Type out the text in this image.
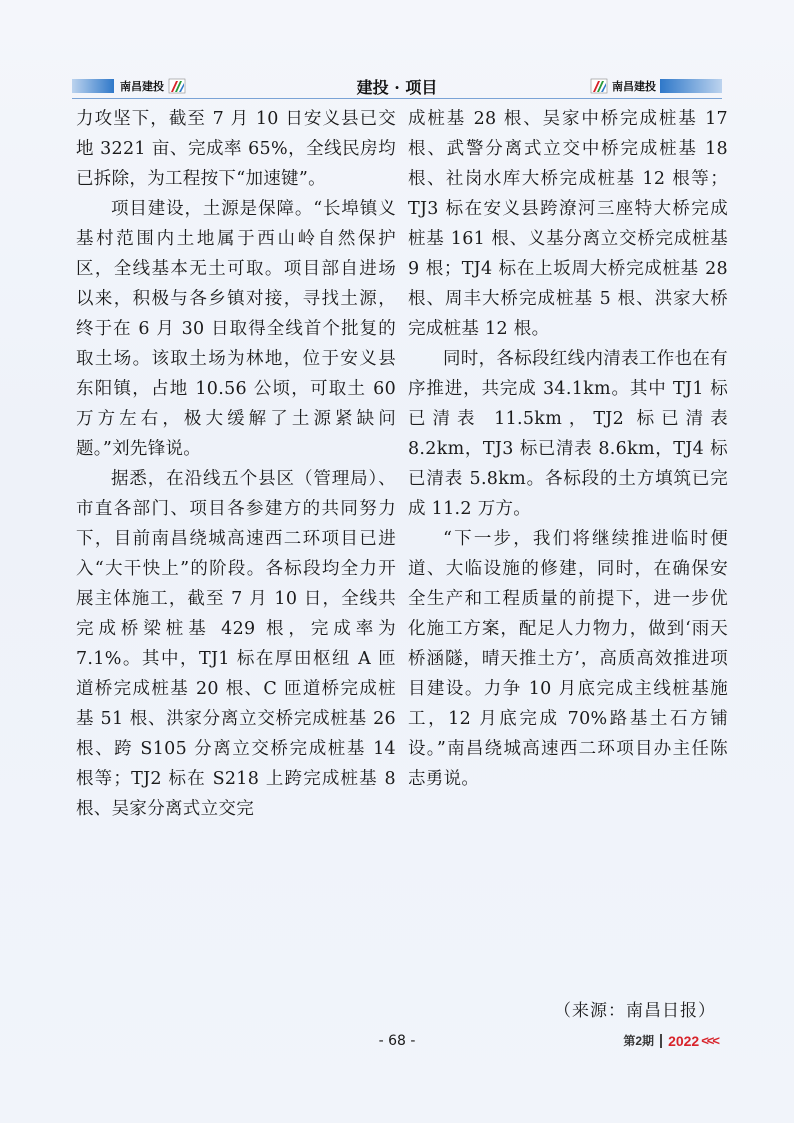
南昌建投	建投 · 项目	南昌建投

力攻坚下，截至 7 月 10 日安义县已交地 3221 亩、完成率 65%，全线民房均已拆除，为工程按下“加速键”。

项目建设，土源是保障。“长埠镇义基村范围内土地属于西山岭自然保护区，全线基本无土可取。项目部自进场以来，积极与各乡镇对接，寻找土源，终于在 6 月 30 日取得全线首个批复的取土场。该取土场为林地，位于安义县东阳镇，占地 10.56 公顷，可取土 60 万方左右，极大缓解了土源紧缺问题。”刘先锋说。

据悉，在沿线五个县区（管理局）、市直各部门、项目各参建方的共同努力下，目前南昌绕城高速西二环项目已进入“大干快上”的阶段。各标段均全力开展主体施工，截至 7 月 10 日，全线共完成桥梁桩基 429 根，完成率为 7.1%。其中，TJ1 标在厚田枢纽 A 匝道桥完成桩基 20 根、C 匝道桥完成桩基 51 根、洪家分离立交桥完成桩基 26 根、跨 S105 分离立交桥完成桩基 14 根等；TJ2 标在 S218 上跨完成桩基 8 根、吴家分离式立交完

成桩基 28 根、吴家中桥完成桩基 17 根、武警分离式立交中桥完成桩基 18 根、社岗水库大桥完成桩基 12 根等；TJ3 标在安义县跨潦河三座特大桥完成桩基 161 根、义基分离立交桥完成桩基 9 根；TJ4 标在上坂周大桥完成桩基 28 根、周丰大桥完成桩基 5 根、洪家大桥完成桩基 12 根。

同时，各标段红线内清表工作也在有序推进，共完成 34.1km。其中 TJ1 标已清表 11.5km，TJ2 标已清表 8.2km，TJ3 标已清表 8.6km，TJ4 标已清表 5.8km。各标段的土方填筑已完成 11.2 万方。

“下一步，我们将继续推进临时便道、大临设施的修建，同时，在确保安全生产和工程质量的前提下，进一步优化施工方案，配足人力物力，做到‘雨天桥涵隧，晴天推土方’，高质高效推进项目建设。力争 10 月底完成主线桩基施工，12 月底完成 70%路基土石方铺设。”南昌绕城高速西二环项目办主任陈志勇说。

（来源：南昌日报）
- 68 -	第2期 2022 <<<
